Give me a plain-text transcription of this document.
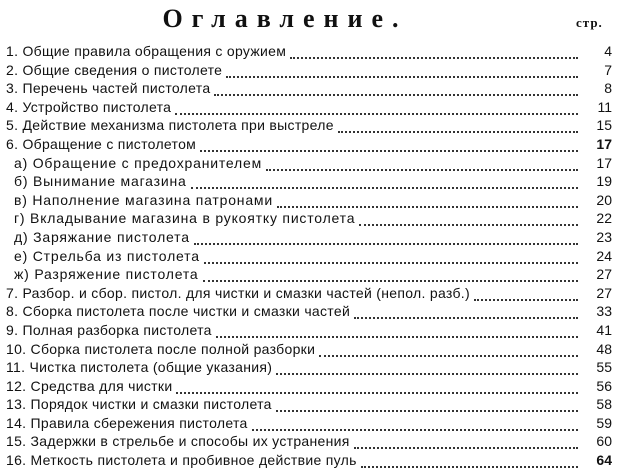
Оглавление.	стр.
1. Общие правила обращения с оружием	4
2. Общие сведения о пистолете	7
3. Перечень частей пистолета	8
4. Устройство пистолета	11
5. Действие механизма пистолета при выстреле	15
6. Обращение с пистолетом	17
а) Обращение с предохранителем	17
б) Вынимание магазина	19
в) Наполнение магазина патронами	20
г) Вкладывание магазина в рукоятку пистолета	22
д) Заряжание пистолета	23
е) Стрельба из пистолета	24
ж) Разряжение пистолета	27
7. Разбор. и сбор. пистол. для чистки и смазки частей (непол. разб.)	27
8. Сборка пистолета после чистки и смазки частей	33
9. Полная разборка пистолета	41
10. Сборка пистолета после полной разборки	48
11. Чистка пистолета (общие указания)	55
12. Средства для чистки	56
13. Порядок чистки и смазки пистолета	58
14. Правила сбережения пистолета	59
15. Задержки в стрельбе и способы их устранения	60
16. Меткость пистолета и пробивное действие пуль	64
